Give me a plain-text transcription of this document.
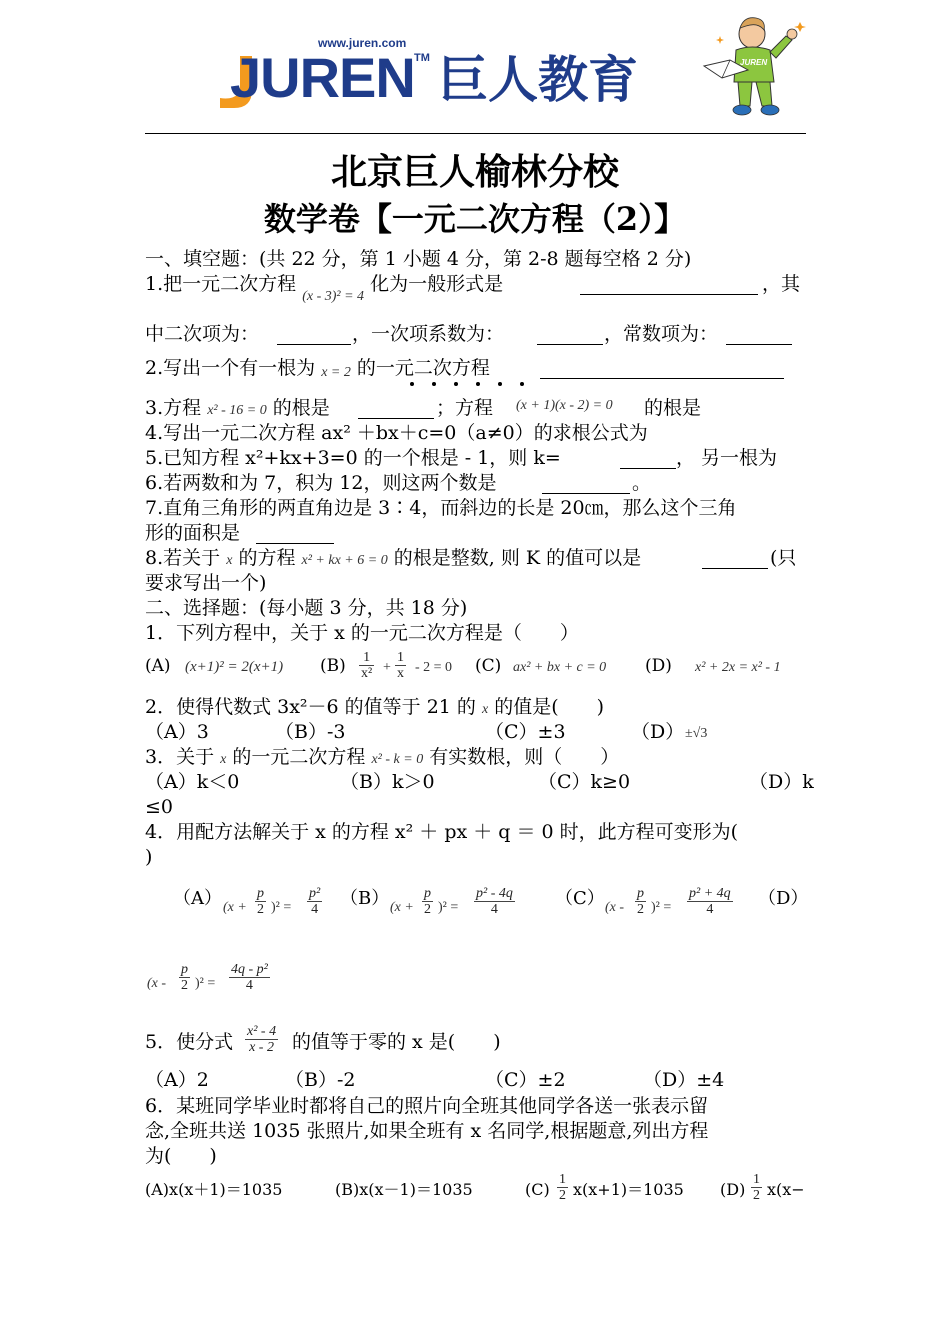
www.juren.com
JUREN TM 巨人教育	JUREN
北京巨人榆林分校
数学卷【一元二次方程（2）】
一、填空题：(共 22 分，第 1 小题 4 分，第 2-8 题每空格 2 分)
1.把一元二次方程 $_{(x - 3)^2 = 4}$ 化为一般形式是	，其
中二次项为：	，一次项系数为：	，常数项为：
2.写出一个有一根为 x = 2 的一元二次方程
3.方程 x² - 16 = 0 的根是	；方程 (x + 1)(x - 2) = 0 的根是
4.写出一元二次方程 ax² ＋bx＋c=0（a≠0）的求根公式为
5.已知方程 x²+kx+3=0 的一个根是 - 1，则 k=	， 另一根为
6.若两数和为 7，积为 12，则这两个数是	。
7.直角三角形的两直角边是 3∶4，而斜边的长是 20㎝，那么这个三角
形的面积是
8.若关于 x 的方程 x² + kx + 6 = 0 的根是整数, 则 K 的值可以是	(只
要求写出一个)
二、选择题：(每小题 3 分，共 18 分)
1．下列方程中，关于 x 的一元二次方程是（　　）
(A) (x+1)² = 2(x+1) $(B) \frac{1}{\text{x²}} + \frac{1}{x} - 2 = 0$ (C) ax² + bx + c = 0 (D) x² + 2x = x² - 1
2．使得代数式 3x²－6 的值等于 21 的 x 的值是(　　)
（A）3	（B）-3	（C）±3	（D） ±√3
3．关于 x 的一元二次方程 x² - k = 0 有实数根，则（　　）
（A）k＜0	（B）k＞0	（C）k≥0	（D）k
≤0
4．用配方法解关于 x 的方程 x² ＋ px ＋ q ＝ 0 时，此方程可变形为(
)
（A） $(x + \frac{p}{2} )^2 = \frac{\text{p²}}{4} (B) (x + \frac{p}{2} )^2 = \frac{\text{p² - 4q}}{4} (C)$ $(x - \frac{p}{2} )^2 = \frac{\text{p² + 4q}}{4} (D)$
$(x - \frac{p}{2} )^2 = \frac{\text{4q - p²}}{4}$
5．使分式 $\frac{\text{x² - 4}}{x - 2}$ 的值等于零的 x 是(　　)
（A）2	（B）-2	（C）±2	（D）±4
6．某班同学毕业时都将自己的照片向全班其他同学各送一张表示留
念,全班共送 1035 张照片,如果全班有 x 名同学,根据题意,列出方程
为(　　)
(A)x(x＋1)＝1035	(B)x(x－1)＝1035	$(C) \frac{1}{2} x(x+1)=1035$ $(D) \frac{1}{2} x(x-$
